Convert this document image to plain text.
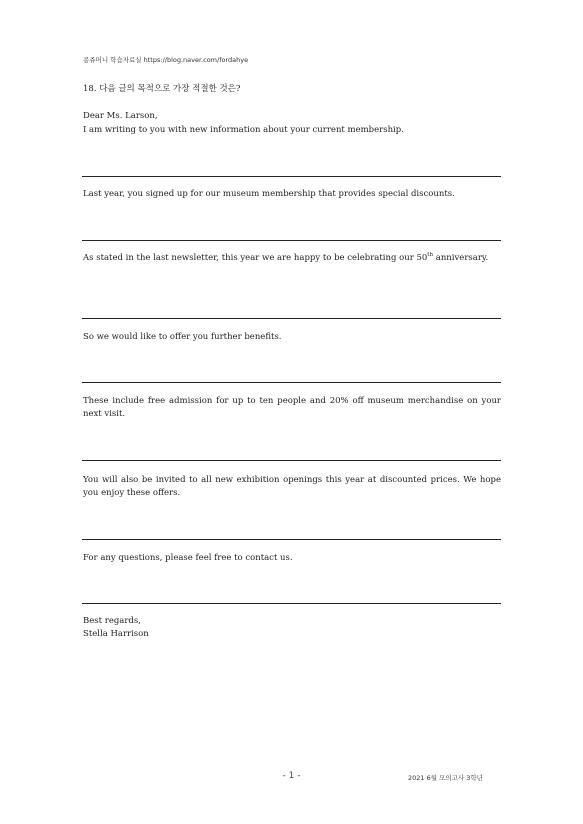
콩쥬머니 학습자료실 https://blog.naver.com/fordahye
18. 다음 글의 목적으로 가장 적절한 것은?
Dear Ms. Larson,
I am writing to you with new information about your current membership.
Last year, you signed up for our museum membership that provides special discounts.
As stated in the last newsletter, this year we are happy to be celebrating our 50th anniversary.
So we would like to offer you further benefits.
These include free admission for up to ten people and 20% off museum merchandise on your next visit.
You will also be invited to all new exhibition openings this year at discounted prices. We hope you enjoy these offers.
For any questions, please feel free to contact us.
Best regards,
Stella Harrison
- 1 -	2021 6월 모의고사 3학년
